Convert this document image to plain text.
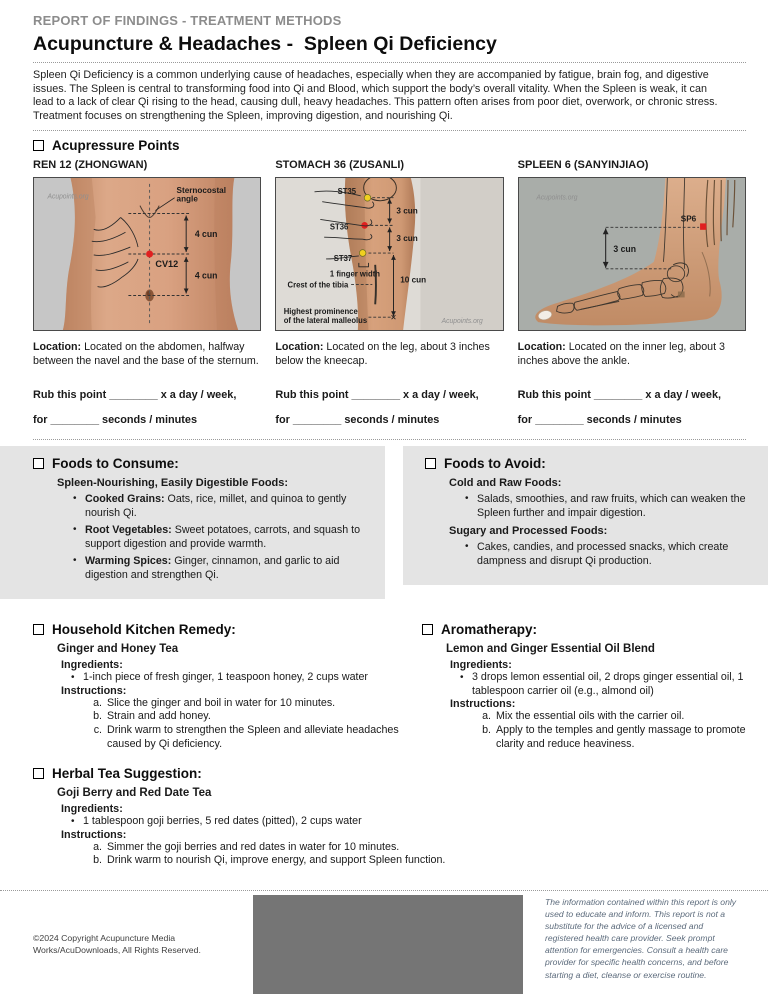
REPORT OF FINDINGS - TREATMENT METHODS
Acupuncture & Headaches -  Spleen Qi Deficiency

Spleen Qi Deficiency is a common underlying cause of headaches, especially when they are accompanied by fatigue, brain fog, and digestive issues. The Spleen is central to transforming food into Qi and Blood, which support the body’s overall vitality. When the Spleen is weak, it can lead to a lack of clear Qi rising to the head, causing dull, heavy headaches. This pattern often arises from poor diet, overwork, or chronic stress. Treatment focuses on strengthening the Spleen, improving digestion, and nourishing Qi.

Acupressure Points
REN 12 (ZHONGWAN)
Sternocostal
angle
4 cun
4 cun
CV12
Acupoints.org

Location: Located on the abdomen, halfway between the navel and the base of the sternum.

Rub this point ________ x a day / week,

for ________ seconds / minutes

STOMACH 36 (ZUSANLI)
3 cun
3 cun
ST35
ST36
ST37
1 finger width
Crest of the tibia
10 cun
Highest prominence
of the lateral malleolus	Acupoints.org

Location: Located on the leg, about 3 inches below the kneecap.

Rub this point ________ x a day / week,

for ________ seconds / minutes

SPLEEN 6 (SANYINJIAO)
SP6
3 cun
Acupoints.org

Location: Located on the inner leg, about 3 inches above the ankle.

Rub this point ________ x a day / week,

for ________ seconds / minutes

Foods to Consume:
Spleen-Nourishing, Easily Digestible Foods:
• Cooked Grains: Oats, rice, millet, and quinoa to gently nourish Qi.
• Root Vegetables: Sweet potatoes, carrots, and squash to support digestion and provide warmth.
• Warming Spices: Ginger, cinnamon, and garlic to aid digestion and strengthen Qi.
Foods to Avoid:
Cold and Raw Foods:
• Salads, smoothies, and raw fruits, which can weaken the Spleen further and impair digestion.
Sugary and Processed Foods:
• Cakes, candies, and processed snacks, which create dampness and disrupt Qi production.
Household Kitchen Remedy:
Ginger and Honey Tea
Ingredients:
• 1-inch piece of fresh ginger, 1 teaspoon honey, 2 cups water
Instructions:
a. Slice the ginger and boil in water for 10 minutes.
b. Strain and add honey.
c. Drink warm to strengthen the Spleen and alleviate headaches caused by Qi deficiency.
Aromatherapy:
Lemon and Ginger Essential Oil Blend
Ingredients:
• 3 drops lemon essential oil, 2 drops ginger essential oil, 1 tablespoon carrier oil (e.g., almond oil)
Instructions:
a. Mix the essential oils with the carrier oil.
b. Apply to the temples and gently massage to promote clarity and reduce heaviness.
Herbal Tea Suggestion:
Goji Berry and Red Date Tea
Ingredients:
• 1 tablespoon goji berries, 5 red dates (pitted), 2 cups water
Instructions:
a. Simmer the goji berries and red dates in water for 10 minutes.
b. Drink warm to nourish Qi, improve energy, and support Spleen function.
©2024 Copyright Acupuncture Media Works/AcuDownloads, All Rights Reserved.
The information contained within this report is only used to educate and inform. This report is not a substitute for the advice of a licensed and registered health care provider. Seek prompt attention for emergencies. Consult a health care provider for specific health concerns, and before starting a diet, cleanse or exercise routine.
